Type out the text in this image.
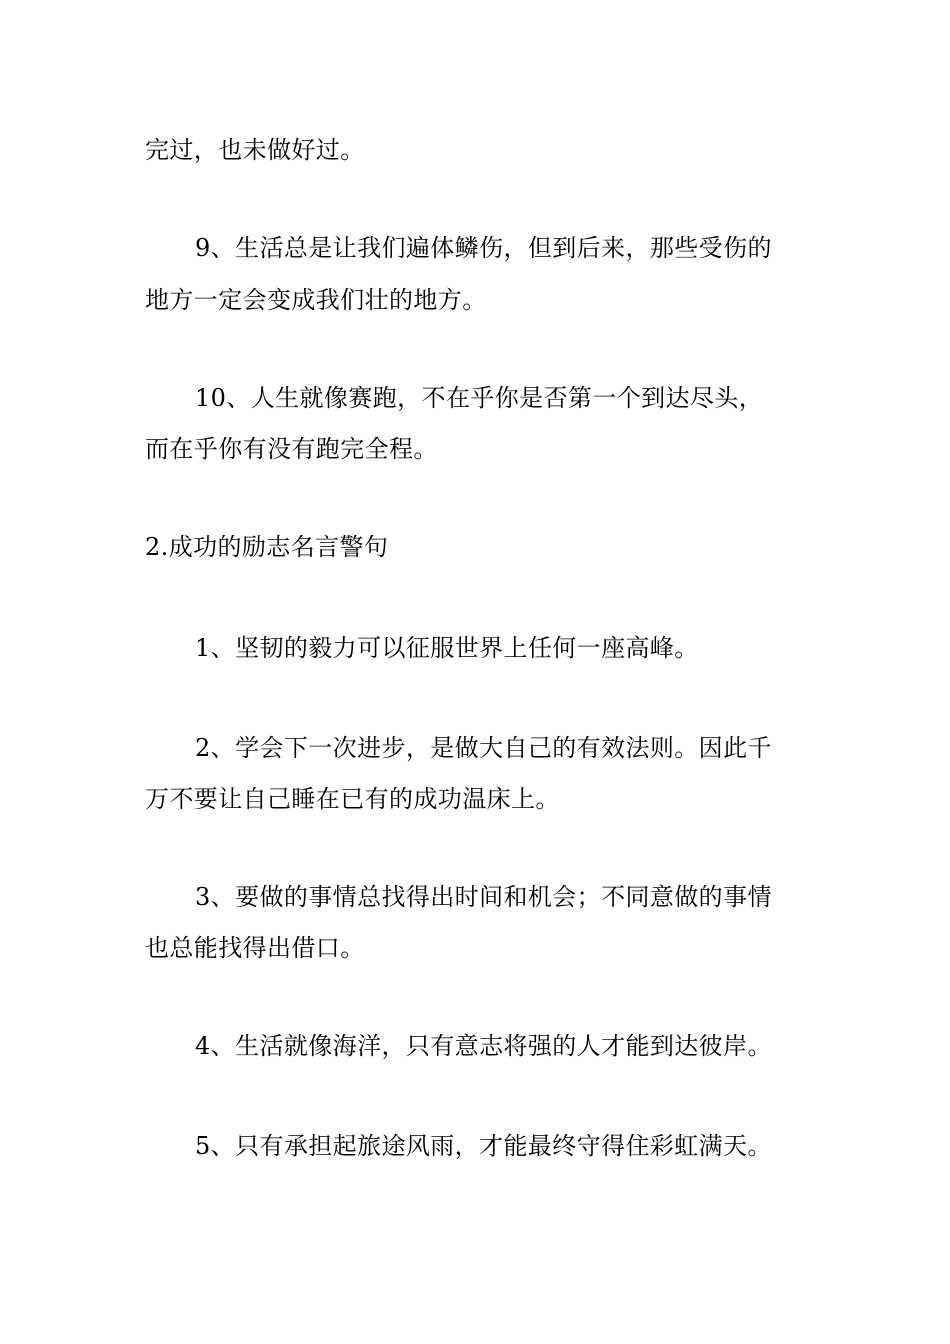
完过，也未做好过。
9、生活总是让我们遍体鳞伤，但到后来，那些受伤的
地方一定会变成我们壮的地方。
10、人生就像赛跑，不在乎你是否第一个到达尽头，
而在乎你有没有跑完全程。
2.成功的励志名言警句
1、坚韧的毅力可以征服世界上任何一座高峰。
2、学会下一次进步，是做大自己的有效法则。因此千
万不要让自己睡在已有的成功温床上。
3、要做的事情总找得出时间和机会；不同意做的事情
也总能找得出借口。
4、生活就像海洋，只有意志将强的人才能到达彼岸。
5、只有承担起旅途风雨，才能最终守得住彩虹满天。
